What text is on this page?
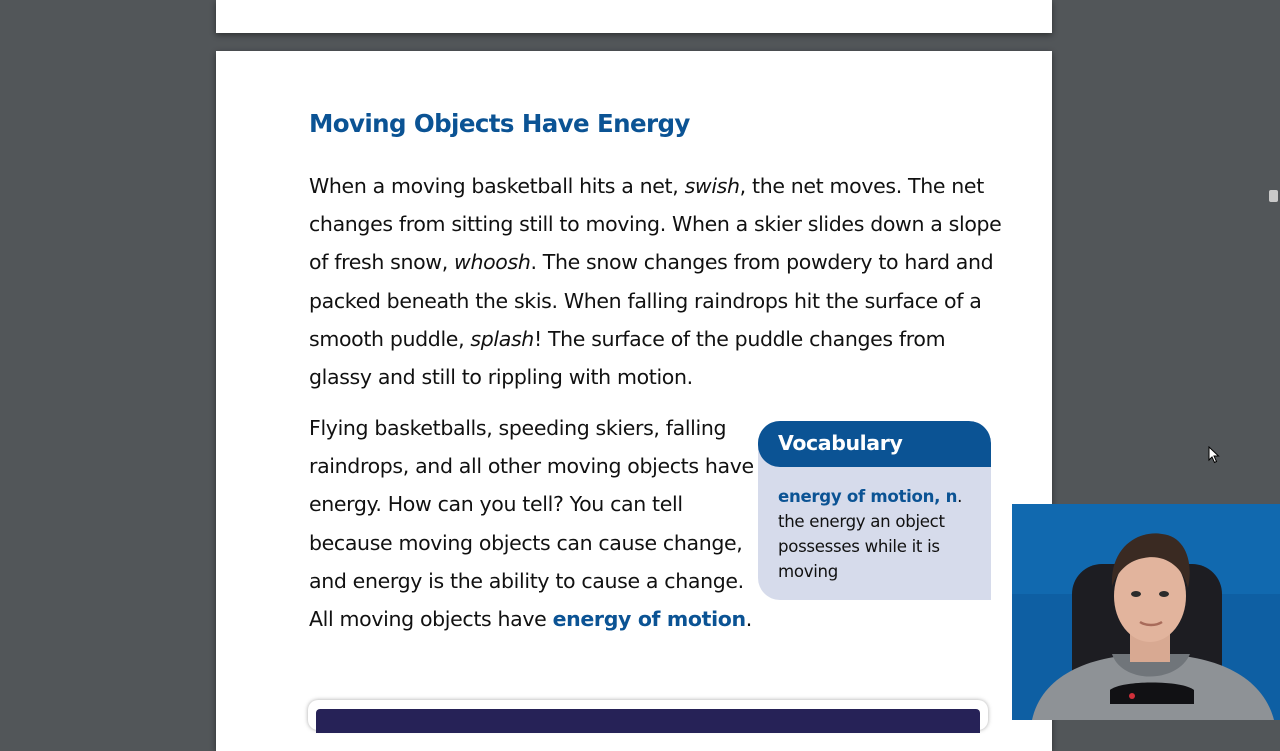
Moving Objects Have Energy

When a moving basketball hits a net, swish, the net moves. The net changes from sitting still to moving. When a skier slides down a slope of fresh snow, whoosh. The snow changes from powdery to hard and packed beneath the skis. When falling raindrops hit the surface of a smooth puddle, splash! The surface of the puddle changes from glassy and still to rippling with motion.

Flying basketballs, speeding skiers, falling raindrops, and all other moving objects have energy. How can you tell? You can tell because moving objects can cause change, and energy is the ability to cause a change. All moving objects have energy of motion.

Vocabulary
energy of motion, n.
the energy an object possesses while it is moving
